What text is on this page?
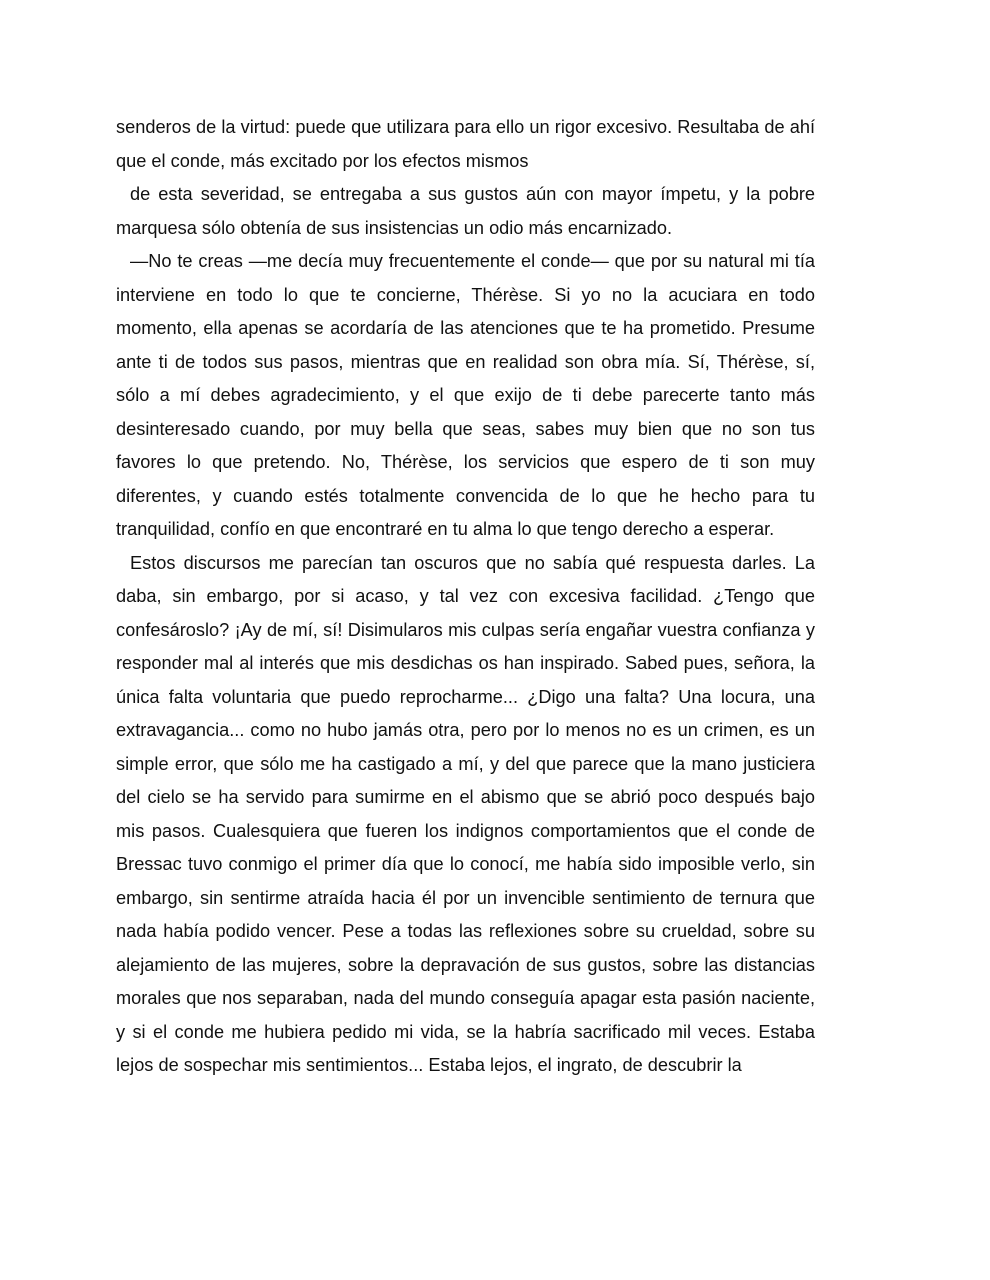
senderos de la virtud: puede que utilizara para ello un rigor excesivo. Resultaba de ahí que el conde, más excitado por los efectos mismos

de esta severidad, se entregaba a sus gustos aún con mayor ímpetu, y la pobre marquesa sólo obtenía de sus insistencias un odio más encarnizado.

—No te creas —me decía muy frecuentemente el conde— que por su natural mi tía interviene en todo lo que te concierne, Thérèse. Si yo no la acuciara en todo momento, ella apenas se acordaría de las atenciones que te ha prometido. Presume ante ti de todos sus pasos, mientras que en realidad son obra mía. Sí, Thérèse, sí, sólo a mí debes agradecimiento, y el que exijo de ti debe parecerte tanto más desinteresado cuando, por muy bella que seas, sabes muy bien que no son tus favores lo que pretendo. No, Thérèse, los servicios que espero de ti son muy diferentes, y cuando estés totalmente convencida de lo que he hecho para tu tranquilidad, confío en que encontraré en tu alma lo que tengo derecho a esperar.

Estos discursos me parecían tan oscuros que no sabía qué respuesta darles. La daba, sin embargo, por si acaso, y tal vez con excesiva facilidad. ¿Tengo que confesároslo? ¡Ay de mí, sí! Disimularos mis culpas sería engañar vuestra confianza y responder mal al interés que mis desdichas os han inspirado. Sabed pues, señora, la única falta voluntaria que puedo reprocharme... ¿Digo una falta? Una locura, una extravagancia... como no hubo jamás otra, pero por lo menos no es un crimen, es un simple error, que sólo me ha castigado a mí, y del que parece que la mano justiciera del cielo se ha servido para sumirme en el abismo que se abrió poco después bajo mis pasos. Cualesquiera que fueren los indignos comportamientos que el conde de Bressac tuvo conmigo el primer día que lo conocí, me había sido imposible verlo, sin embargo, sin sentirme atraída hacia él por un invencible sentimiento de ternura que nada había podido vencer. Pese a todas las reflexiones sobre su crueldad, sobre su alejamiento de las mujeres, sobre la depravación de sus gustos, sobre las distancias morales que nos separaban, nada del mundo conseguía apagar esta pasión naciente, y si el conde me hubiera pedido mi vida, se la habría sacrificado mil veces. Estaba lejos de sospechar mis sentimientos... Estaba lejos, el ingrato, de descubrir la
